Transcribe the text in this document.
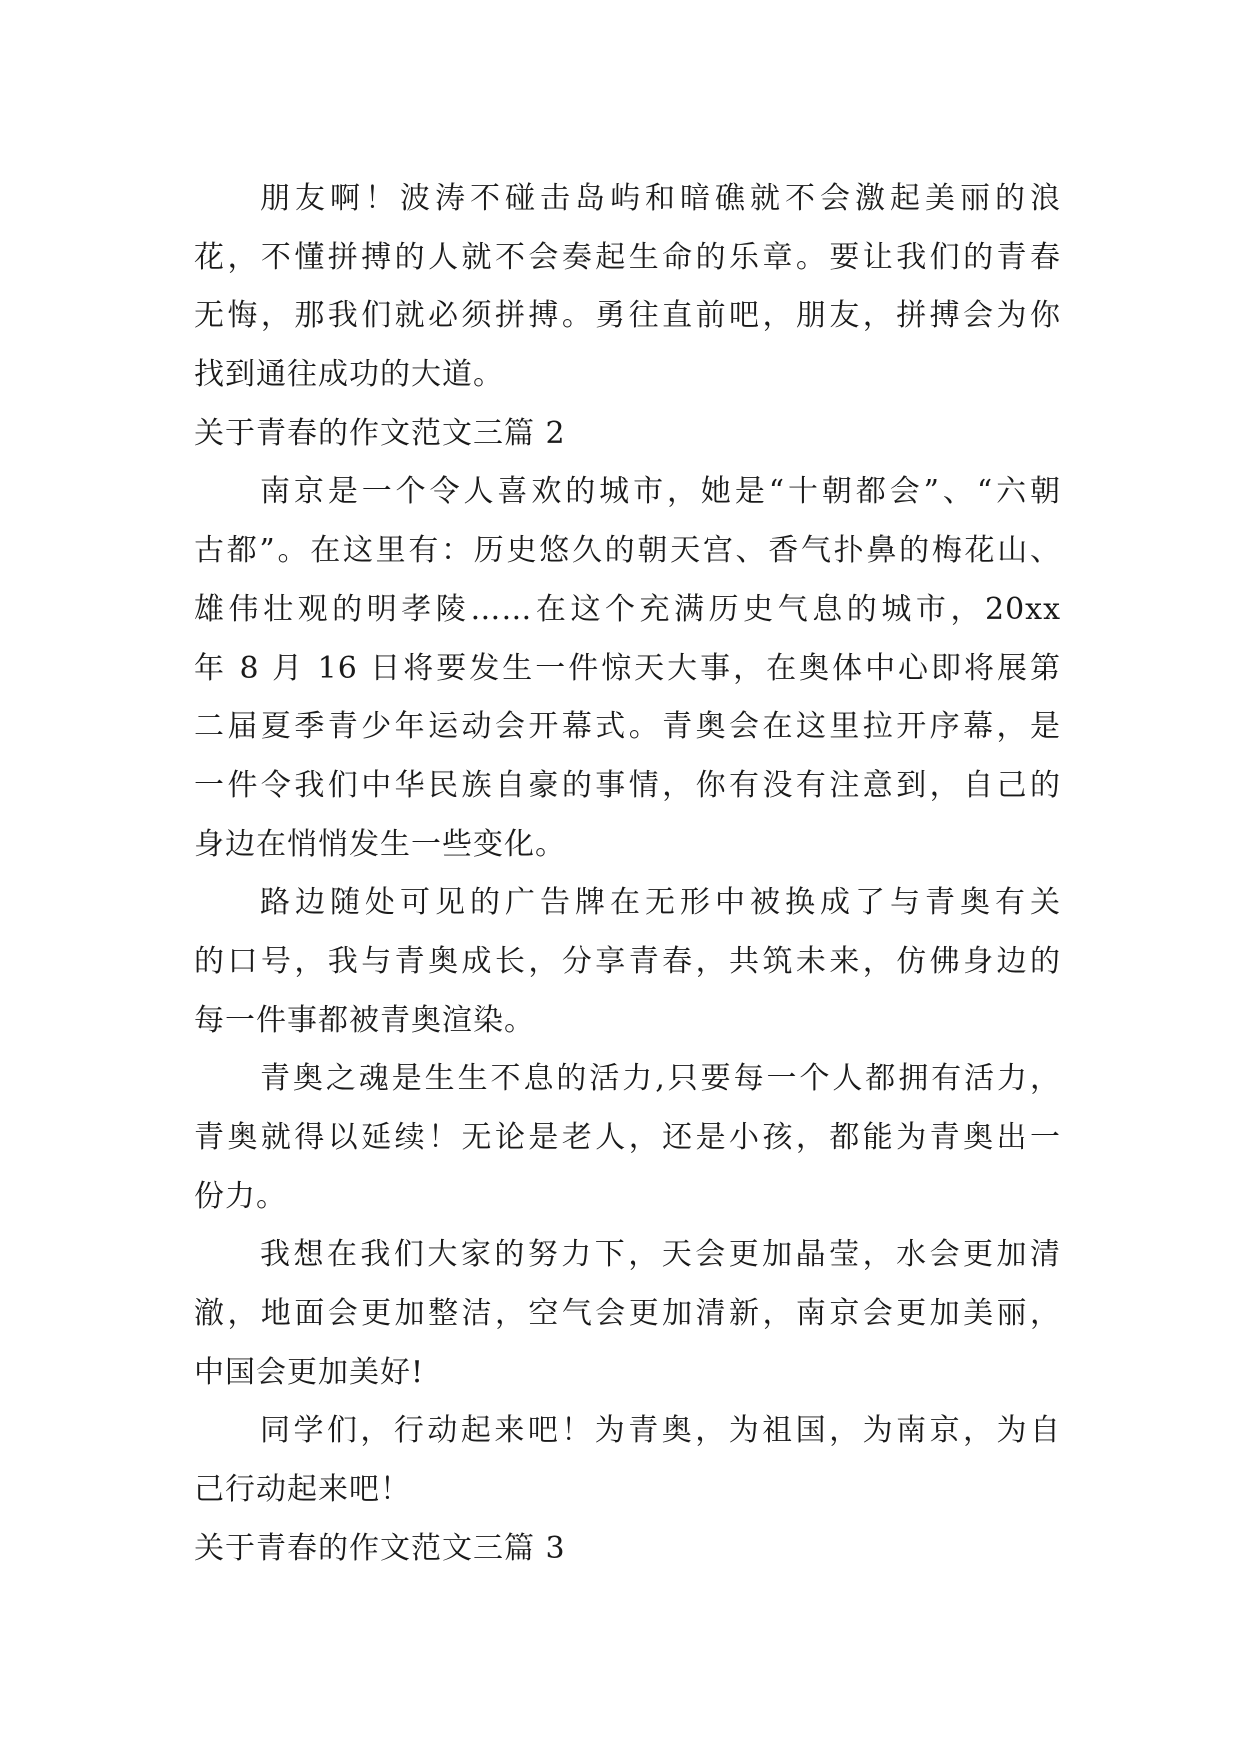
朋友啊！波涛不碰击岛屿和暗礁就不会激起美丽的浪
花，不懂拼搏的人就不会奏起生命的乐章。要让我们的青春
无悔，那我们就必须拼搏。勇往直前吧，朋友，拼搏会为你
找到通往成功的大道。
关于青春的作文范文三篇 2
南京是一个令人喜欢的城市，她是“十朝都会”、“六朝
古都”。在这里有：历史悠久的朝天宫、香气扑鼻的梅花山、
雄伟壮观的明孝陵……在这个充满历史气息的城市，20xx
年 8 月 16 日将要发生一件惊天大事，在奥体中心即将展第
二届夏季青少年运动会开幕式。青奥会在这里拉开序幕，是
一件令我们中华民族自豪的事情，你有没有注意到，自己的
身边在悄悄发生一些变化。
路边随处可见的广告牌在无形中被换成了与青奥有关
的口号，我与青奥成长，分享青春，共筑未来，仿佛身边的
每一件事都被青奥渲染。
青奥之魂是生生不息的活力,只要每一个人都拥有活力，
青奥就得以延续！无论是老人，还是小孩，都能为青奥出一
份力。
我想在我们大家的努力下，天会更加晶莹，水会更加清
澈，地面会更加整洁，空气会更加清新，南京会更加美丽，
中国会更加美好!
同学们，行动起来吧！为青奥，为祖国，为南京，为自
己行动起来吧！
关于青春的作文范文三篇 3
